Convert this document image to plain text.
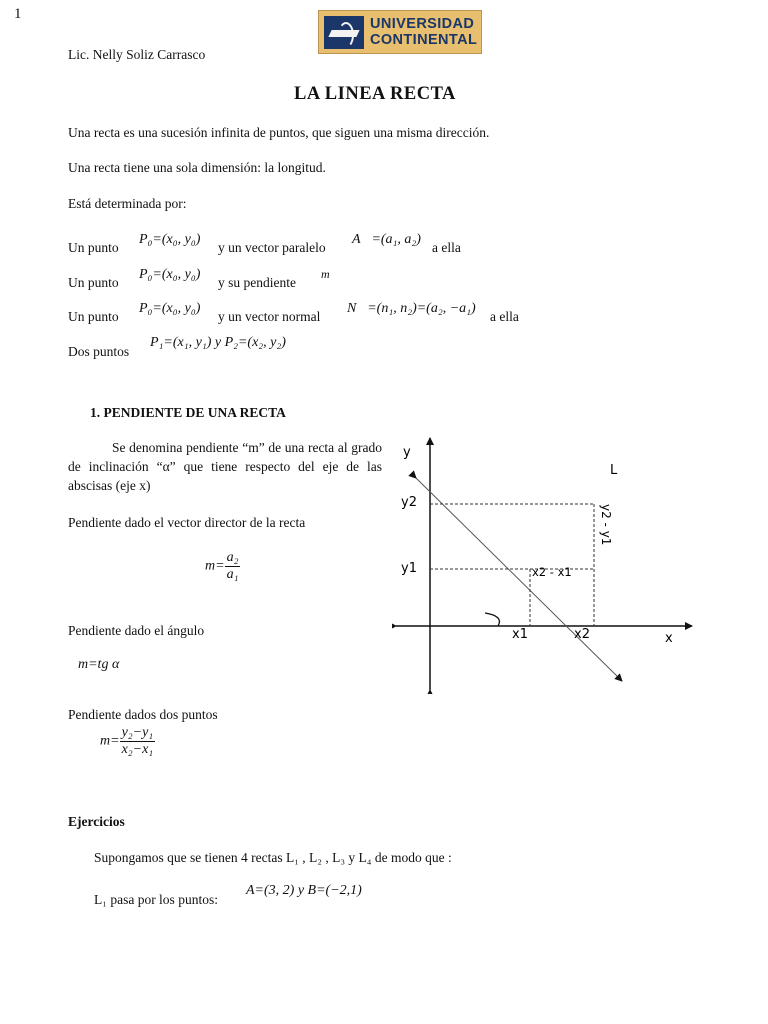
1
UNIVERSIDAD
CONTINENTAL
Lic. Nelly Soliz Carrasco
LA LINEA RECTA
Una recta es una sucesión infinita de puntos, que siguen una misma dirección.
Una recta tiene una sola dimensión: la longitud.
Está determinada por:
Un punto
P₀=(x₀, y₀)
y un vector paralelo
A⃗=(a₁, a₂)
a ella
Un punto
P₀=(x₀, y₀)
y su pendiente
m
Un punto
P₀=(x₀, y₀)
y un vector normal
N⃗=(n₁, n₂)=(a₂, −a₁)
a ella
Dos puntos
P₁=(x₁, y₁) y P₂=(x₂, y₂)
1. PENDIENTE DE UNA RECTA
Se denomina pendiente “m” de una recta al grado de inclinación “α” que tiene respecto del eje de las abscisas (eje x)
Pendiente dado el vector director de la recta
$m= \frac{\text{a₂}}{\text{a₁}}$
Pendiente dado el ángulo
m=tg α
Pendiente dados dos puntos
$m= \frac{\text{y₂−y₁}}{\text{x₂−x₁}}$
y
x
L
y2
y1
x1	x2
x2 - x1
y2 - y1
Ejercicios
Supongamos que se tienen 4 rectas L₁ , L₂ , L₃ y L₄ de modo que :
L₁ pasa por los puntos:
A=(3, 2) y B=(−2,1)
